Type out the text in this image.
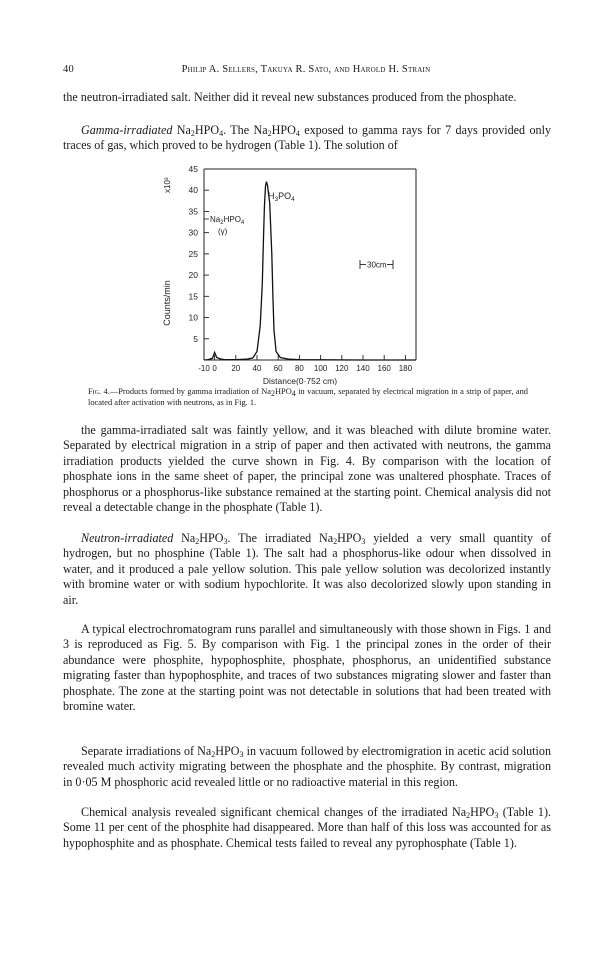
40	Philip A. Sellers, Takuya R. Sato, and Harold H. Strain

the neutron-irradiated salt. Neither did it reveal new substances produced from the phosphate.

Gamma-irradiated $Na_2HPO_4$. The $Na_2HPO_4$ exposed to gamma rays for 7 days provided only traces of gas, which proved to be hydrogen (Table 1). The solution of

5
10
15
20
25
30
35
40
45
-10 0 20 40 60 80 100 120 140 160 180
x10³
Counts/min
Distance(0·752 cm)
$H_3PO_4$
$Na_2HPO_4$
(γ)
30cm

Fig. 4.—Products formed by gamma irradiation of $Na_2HPO_4$ in vacuum, separated by electrical migration in a strip of paper, and located after activation with neutrons, as in Fig. 1.

the gamma-irradiated salt was faintly yellow, and it was bleached with dilute bromine water. Separated by electrical migration in a strip of paper and then activated with neutrons, the gamma irradiation products yielded the curve shown in Fig. 4. By comparison with the location of phosphate ions in the same sheet of paper, the principal zone was unaltered phosphate. Traces of phosphorus or a phosphorus-like substance remained at the starting point. Chemical analysis did not reveal a detectable change in the phosphate (Table 1).

Neutron-irradiated $Na_2HPO_3$. The irradiated $Na_2HPO_3$ yielded a very small quantity of hydrogen, but no phosphine (Table 1). The salt had a phosphorus-like odour when dissolved in water, and it produced a pale yellow solution. This pale yellow solution was decolorized instantly with bromine water or with sodium hypochlorite. It was also decolorized slowly upon standing in air.

A typical electrochromatogram runs parallel and simultaneously with those shown in Figs. 1 and 3 is reproduced as Fig. 5. By comparison with Fig. 1 the principal zones in the order of their abundance were phosphite, hypophosphite, phosphate, phosphorus, an unidentified substance migrating faster than hypophosphite, and traces of two substances migrating slower and faster than phosphate. The zone at the starting point was not detectable in solutions that had been treated with bromine water.

Separate irradiations of $Na_2HPO_3$ in vacuum followed by electromigration in acetic acid solution revealed much activity migrating between the phosphate and the phosphite. By contrast, migration in 0·05 M phosphoric acid revealed little or no radioactive material in this region.

Chemical analysis revealed significant chemical changes of the irradiated $Na_2HPO_3$ (Table 1). Some 11 per cent of the phosphite had disappeared. More than half of this loss was accounted for as hypophosphite and as phosphate. Chemical tests failed to reveal any pyrophosphate (Table 1).
